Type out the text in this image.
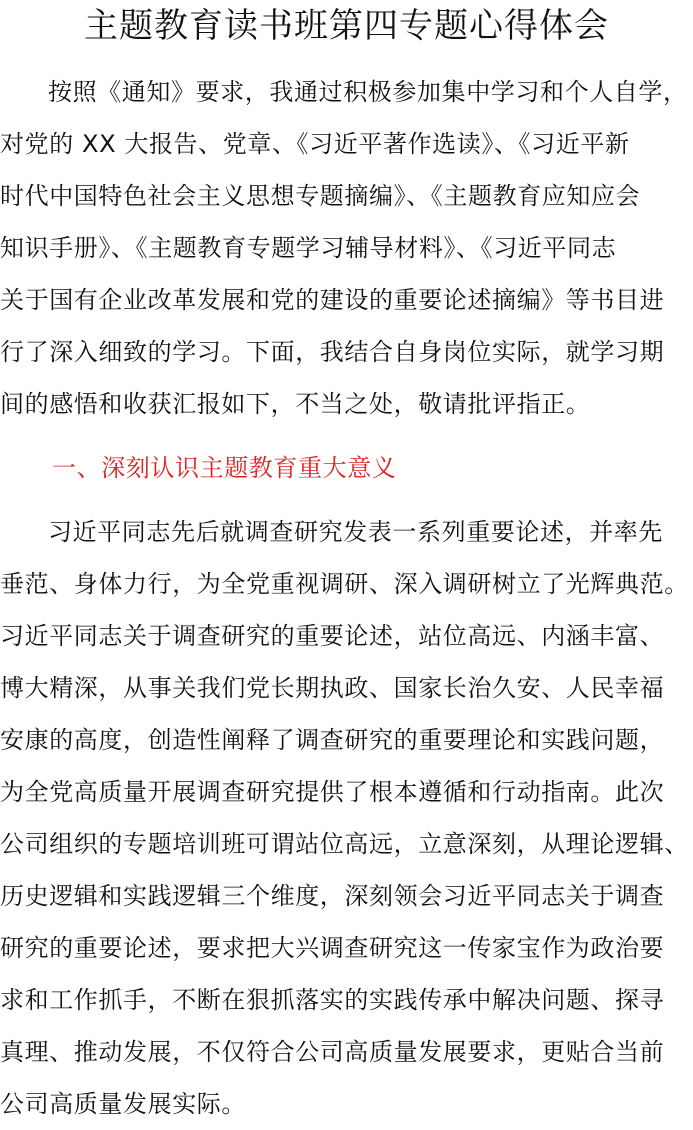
主题教育读书班第四专题心得体会
按照《通知》要求，我通过积极参加集中学习和个人自学，
对党的 XX 大报告、党章、《习近平著作选读》、《习近平新
时代中国特色社会主义思想专题摘编》、《主题教育应知应会
知识手册》、《主题教育专题学习辅导材料》、《习近平同志
关于国有企业改革发展和党的建设的重要论述摘编》等书目进
行了深入细致的学习。下面，我结合自身岗位实际，就学习期
间的感悟和收获汇报如下，不当之处，敬请批评指正。
一、深刻认识主题教育重大意义
习近平同志先后就调查研究发表一系列重要论述，并率先
垂范、身体力行，为全党重视调研、深入调研树立了光辉典范。
习近平同志关于调查研究的重要论述，站位高远、内涵丰富、
博大精深，从事关我们党长期执政、国家长治久安、人民幸福
安康的高度，创造性阐释了调查研究的重要理论和实践问题，
为全党高质量开展调查研究提供了根本遵循和行动指南。此次
公司组织的专题培训班可谓站位高远，立意深刻，从理论逻辑、
历史逻辑和实践逻辑三个维度，深刻领会习近平同志关于调查
研究的重要论述，要求把大兴调查研究这一传家宝作为政治要
求和工作抓手，不断在狠抓落实的实践传承中解决问题、探寻
真理、推动发展，不仅符合公司高质量发展要求，更贴合当前
公司高质量发展实际。
